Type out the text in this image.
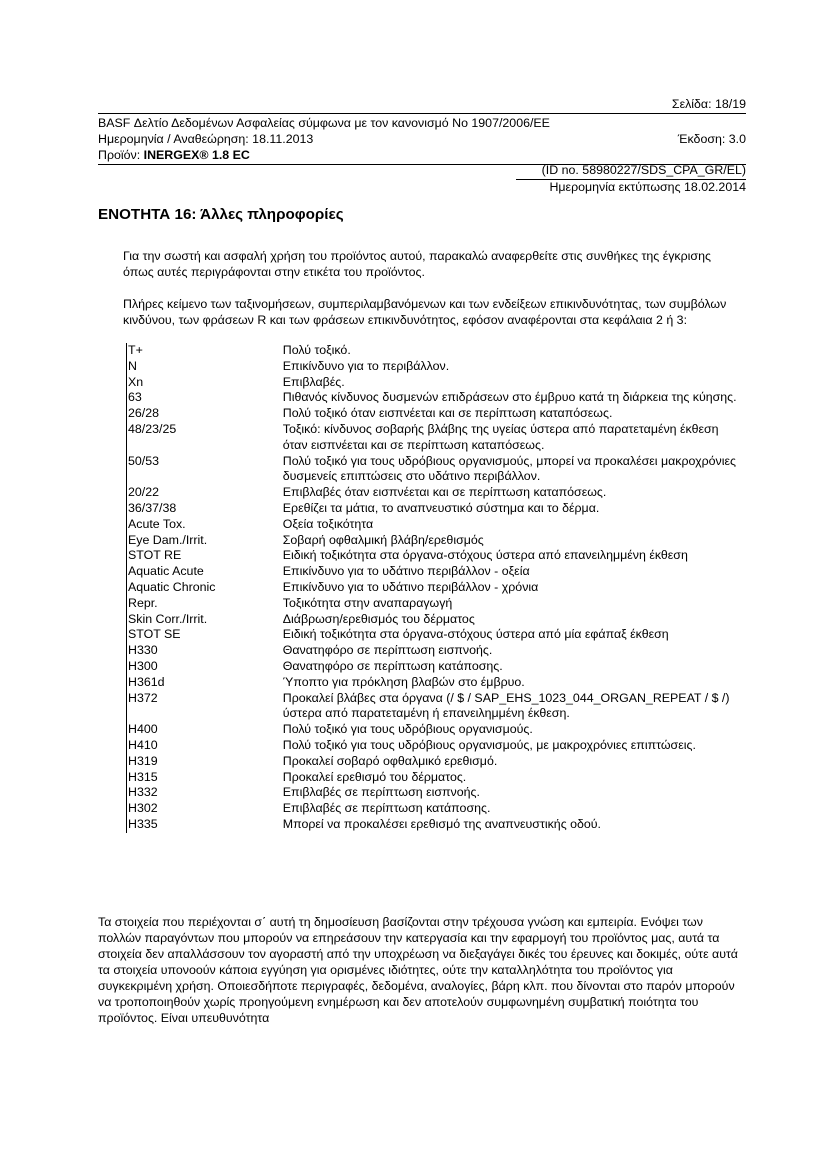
Σελίδα: 18/19
BASF Δελτίο Δεδομένων Ασφαλείας σύμφωνα με τον κανονισμό Νο 1907/2006/ΕΕ
Ημερομηνία / Αναθεώρηση: 18.11.2013	Έκδοση: 3.0
Προϊόν: INERGEX® 1.8 EC
(ID no. 58980227/SDS_CPA_GR/EL)
Ημερομηνία εκτύπωσης 18.02.2014
ΕΝΟΤΗΤΑ 16: Άλλες πληροφορίες
Για την σωστή και ασφαλή χρήση του προϊόντος αυτού, παρακαλώ αναφερθείτε στις συνθήκες της έγκρισης όπως αυτές περιγράφονται στην ετικέτα του προϊόντος.
Πλήρες κείμενο των ταξινομήσεων, συμπεριλαμβανόμενων και των ενδείξεων επικινδυνότητας, των συμβόλων κινδύνου, των φράσεων R και των φράσεων επικινδυνότητος, εφόσον αναφέρονται στα κεφάλαια 2 ή 3:
T+	Πολύ τοξικό.
N	Επικίνδυνο για το περιβάλλον.
Xn	Επιβλαβές.
63	Πιθανός κίνδυνος δυσμενών επιδράσεων στο έμβρυο κατά τη διάρκεια της κύησης.
26/28	Πολύ τοξικό όταν εισπνέεται και σε περίπτωση καταπόσεως.
48/23/25	Τοξικό: κίνδυνος σοβαρής βλάβης της υγείας ύστερα από παρατεταμένη έκθεση όταν εισπνέεται και σε περίπτωση καταπόσεως.
50/53	Πολύ τοξικό για τους υδρόβιους οργανισμούς, μπορεί να προκαλέσει μακροχρόνιες δυσμενείς επιπτώσεις στο υδάτινο περιβάλλον.
20/22	Επιβλαβές όταν εισπνέεται και σε περίπτωση καταπόσεως.
36/37/38	Ερεθίζει τα μάτια, το αναπνευστικό σύστημα και το δέρμα.
Acute Tox.	Οξεία τοξικότητα
Eye Dam./Irrit.	Σοβαρή οφθαλμική βλάβη/ερεθισμός
STOT RE	Ειδική τοξικότητα στα όργανα-στόχους ύστερα από επανειλημμένη έκθεση
Aquatic Acute	Επικίνδυνο για το υδάτινο περιβάλλον - οξεία
Aquatic Chronic	Επικίνδυνο για το υδάτινο περιβάλλον - χρόνια
Repr.	Τοξικότητα στην αναπαραγωγή
Skin Corr./Irrit.	Διάβρωση/ερεθισμός του δέρματος
STOT SE	Ειδική τοξικότητα στα όργανα-στόχους ύστερα από μία εφάπαξ έκθεση
H330	Θανατηφόρο σε περίπτωση εισπνοής.
H300	Θανατηφόρο σε περίπτωση κατάποσης.
H361d	Ύποπτο για πρόκληση βλαβών στο έμβρυο.
H372	Προκαλεί βλάβες στα όργανα (/ $ / SAP_EHS_1023_044_ORGAN_REPEAT / $ /) ύστερα από παρατεταμένη ή επανειλημμένη έκθεση.
H400	Πολύ τοξικό για τους υδρόβιους οργανισμούς.
H410	Πολύ τοξικό για τους υδρόβιους οργανισμούς, με μακροχρόνιες επιπτώσεις.
H319	Προκαλεί σοβαρό οφθαλμικό ερεθισμό.
H315	Προκαλεί ερεθισμό του δέρματος.
H332	Επιβλαβές σε περίπτωση εισπνοής.
H302	Επιβλαβές σε περίπτωση κατάποσης.
H335	Μπορεί να προκαλέσει ερεθισμό της αναπνευστικής οδού.
Τα στοιχεία που περιέχονται σ΄ αυτή τη δημοσίευση βασίζονται στην τρέχουσα γνώση και εμπειρία. Ενόψει των πολλών παραγόντων που μπορούν να επηρεάσουν την κατεργασία και την εφαρμογή του προϊόντος μας, αυτά τα στοιχεία δεν απαλλάσσουν τον αγοραστή από την υποχρέωση να διεξαγάγει δικές του έρευνες και δοκιμές, ούτε αυτά τα στοιχεία υπονοούν κάποια εγγύηση για ορισμένες ιδιότητες, ούτε την καταλληλότητα του προϊόντος για συγκεκριμένη χρήση. Οποιεσδήποτε περιγραφές, δεδομένα, αναλογίες, βάρη κλπ. που δίνονται στο παρόν μπορούν να τροποποιηθούν χωρίς προηγούμενη ενημέρωση και δεν αποτελούν συμφωνημένη συμβατική ποιότητα του προϊόντος. Είναι υπευθυνότητα
